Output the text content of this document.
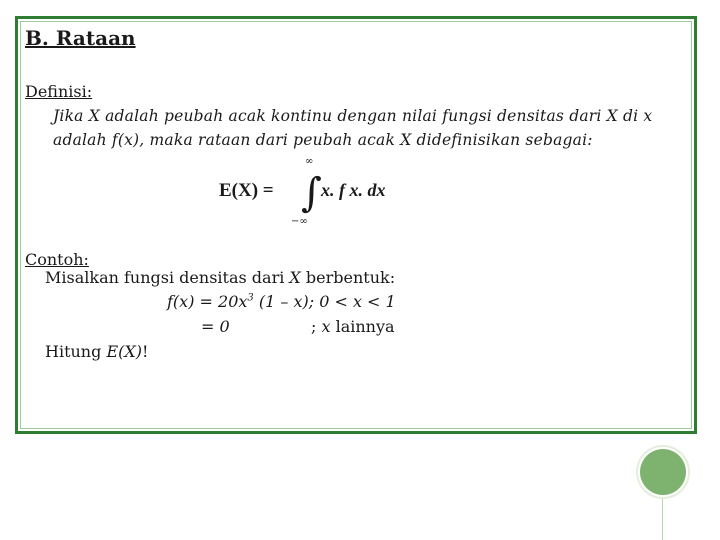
B. Rataan
Definisi:
Jika X adalah peubah acak kontinu dengan nilai fungsi densitas dari X di x
adalah f(x), maka rataan dari peubah acak X didefinisikan sebagai:
E(X) =
∞
∫
−∞
x. f x. dx
Contoh:
Misalkan fungsi densitas dari X berbentuk:
$f(x) = 20x^3$ (1 – x); 0 < x < 1
= 0	; x lainnya
Hitung E(X)!
